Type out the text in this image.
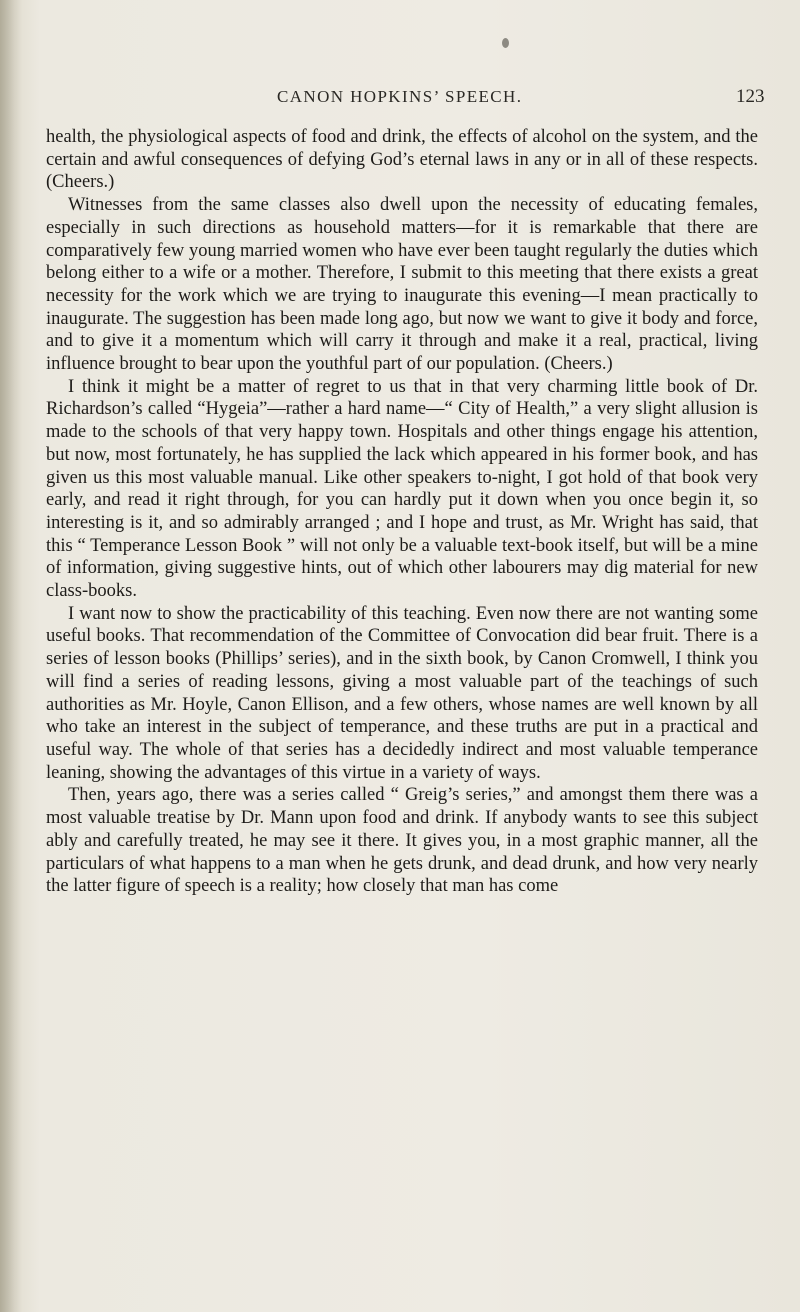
CANON HOPKINS’ SPEECH.	123

health, the physiological aspects of food and drink, the effects of alcohol on the system, and the certain and awful consequences of defying God’s eternal laws in any or in all of these respects. (Cheers.)

Witnesses from the same classes also dwell upon the necessity of educating females, especially in such directions as household matters—for it is remarkable that there are comparatively few young married women who have ever been taught regularly the duties which belong either to a wife or a mother. Therefore, I submit to this meeting that there exists a great necessity for the work which we are trying to inaugurate this evening—I mean practically to inaugurate. The suggestion has been made long ago, but now we want to give it body and force, and to give it a momentum which will carry it through and make it a real, practical, living influence brought to bear upon the youthful part of our population. (Cheers.)

I think it might be a matter of regret to us that in that very charming little book of Dr. Richardson’s called “Hygeia”—rather a hard name—“ City of Health,” a very slight allusion is made to the schools of that very happy town. Hospitals and other things engage his attention, but now, most fortunately, he has supplied the lack which appeared in his former book, and has given us this most valuable manual. Like other speakers to-night, I got hold of that book very early, and read it right through, for you can hardly put it down when you once begin it, so interesting is it, and so admirably arranged ; and I hope and trust, as Mr. Wright has said, that this “ Temperance Lesson Book ” will not only be a valuable text-book itself, but will be a mine of information, giving suggestive hints, out of which other labourers may dig material for new class-books.

I want now to show the practicability of this teaching. Even now there are not wanting some useful books. That recommendation of the Committee of Convocation did bear fruit. There is a series of lesson books (Phillips’ series), and in the sixth book, by Canon Cromwell, I think you will find a series of reading lessons, giving a most valuable part of the teachings of such authorities as Mr. Hoyle, Canon Ellison, and a few others, whose names are well known by all who take an interest in the subject of temperance, and these truths are put in a practical and useful way. The whole of that series has a decidedly indirect and most valuable temperance leaning, showing the advantages of this virtue in a variety of ways.

Then, years ago, there was a series called “ Greig’s series,” and amongst them there was a most valuable treatise by Dr. Mann upon food and drink. If anybody wants to see this subject ably and carefully treated, he may see it there. It gives you, in a most graphic manner, all the particulars of what happens to a man when he gets drunk, and dead drunk, and how very nearly the latter figure of speech is a reality; how closely that man has come
